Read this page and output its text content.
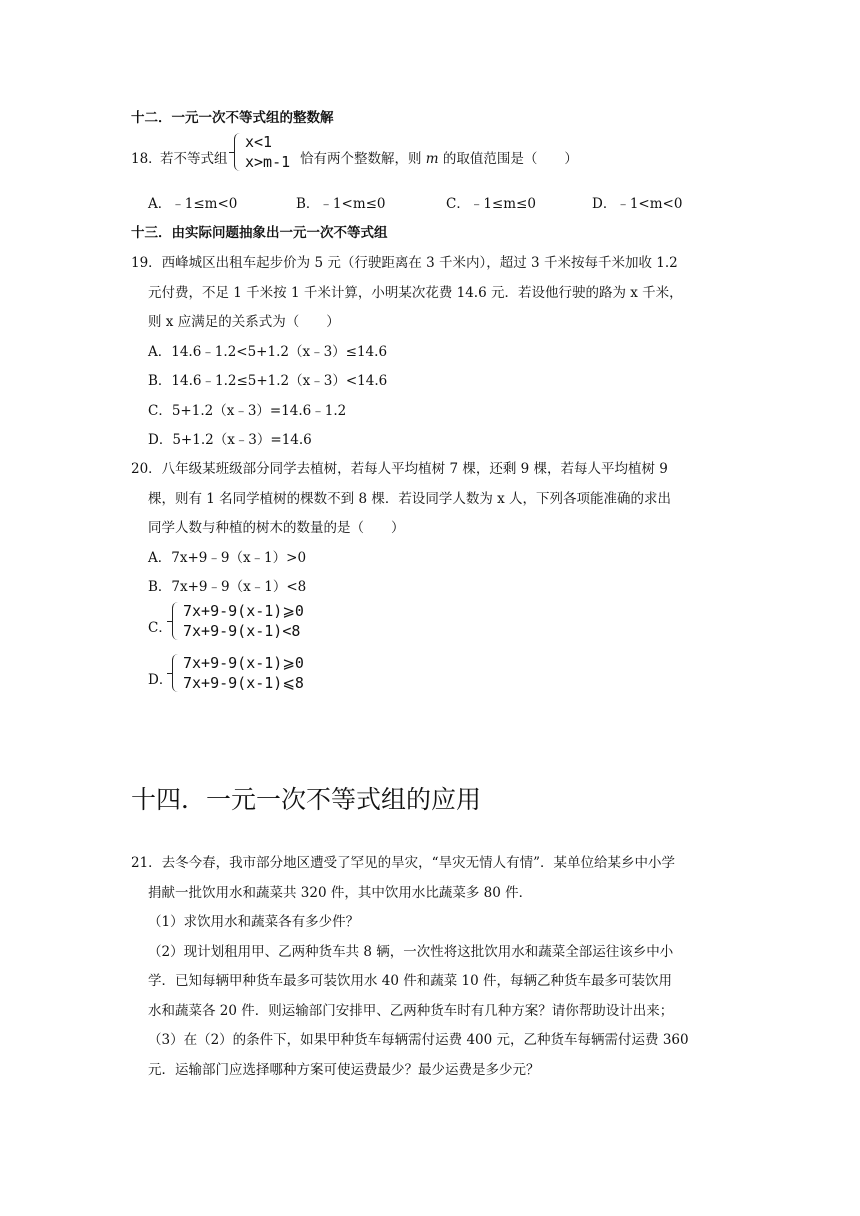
十二．一元一次不等式组的整数解
18．
若不等式组
x<1
x>m-1 恰有两个整数解，则 m 的取值范围是（　　）
A．﹣1≤m<0	B．﹣1<m≤0	C．﹣1≤m≤0	D．﹣1<m<0
十三．由实际问题抽象出一元一次不等式组
19．西峰城区出租车起步价为 5 元（行驶距离在 3 千米内），超过 3 千米按每千米加收 1.2
元付费，不足 1 千米按 1 千米计算，小明某次花费 14.6 元．若设他行驶的路为 x 千米，
则 x 应满足的关系式为（　　）
A．14.6﹣1.2<5+1.2（x﹣3）≤14.6
B．14.6﹣1.2≤5+1.2（x﹣3）<14.6
C．5+1.2（x﹣3）=14.6﹣1.2
D．5+1.2（x﹣3）=14.6
20．八年级某班级部分同学去植树，若每人平均植树 7 棵，还剩 9 棵，若每人平均植树 9
棵，则有 1 名同学植树的棵数不到 8 棵．若设同学人数为 x 人，下列各项能准确的求出
同学人数与种植的树木的数量的是（　　）
A．7x+9﹣9（x﹣1）>0
B．7x+9﹣9（x﹣1）<8
C．
7x+9-9(x-1)⩾0
7x+9-9(x-1)<8
D．
7x+9-9(x-1)⩾0
7x+9-9(x-1)⩽8
十四．一元一次不等式组的应用
21．去冬今春，我市部分地区遭受了罕见的旱灾，“旱灾无情人有情”．某单位给某乡中小学
捐献一批饮用水和蔬菜共 320 件，其中饮用水比蔬菜多 80 件．
（1）求饮用水和蔬菜各有多少件？
（2）现计划租用甲、乙两种货车共 8 辆，一次性将这批饮用水和蔬菜全部运往该乡中小
学．已知每辆甲种货车最多可装饮用水 40 件和蔬菜 10 件，每辆乙种货车最多可装饮用
水和蔬菜各 20 件．则运输部门安排甲、乙两种货车时有几种方案？请你帮助设计出来；
（3）在（2）的条件下，如果甲种货车每辆需付运费 400 元，乙种货车每辆需付运费 360
元．运输部门应选择哪种方案可使运费最少？最少运费是多少元？
